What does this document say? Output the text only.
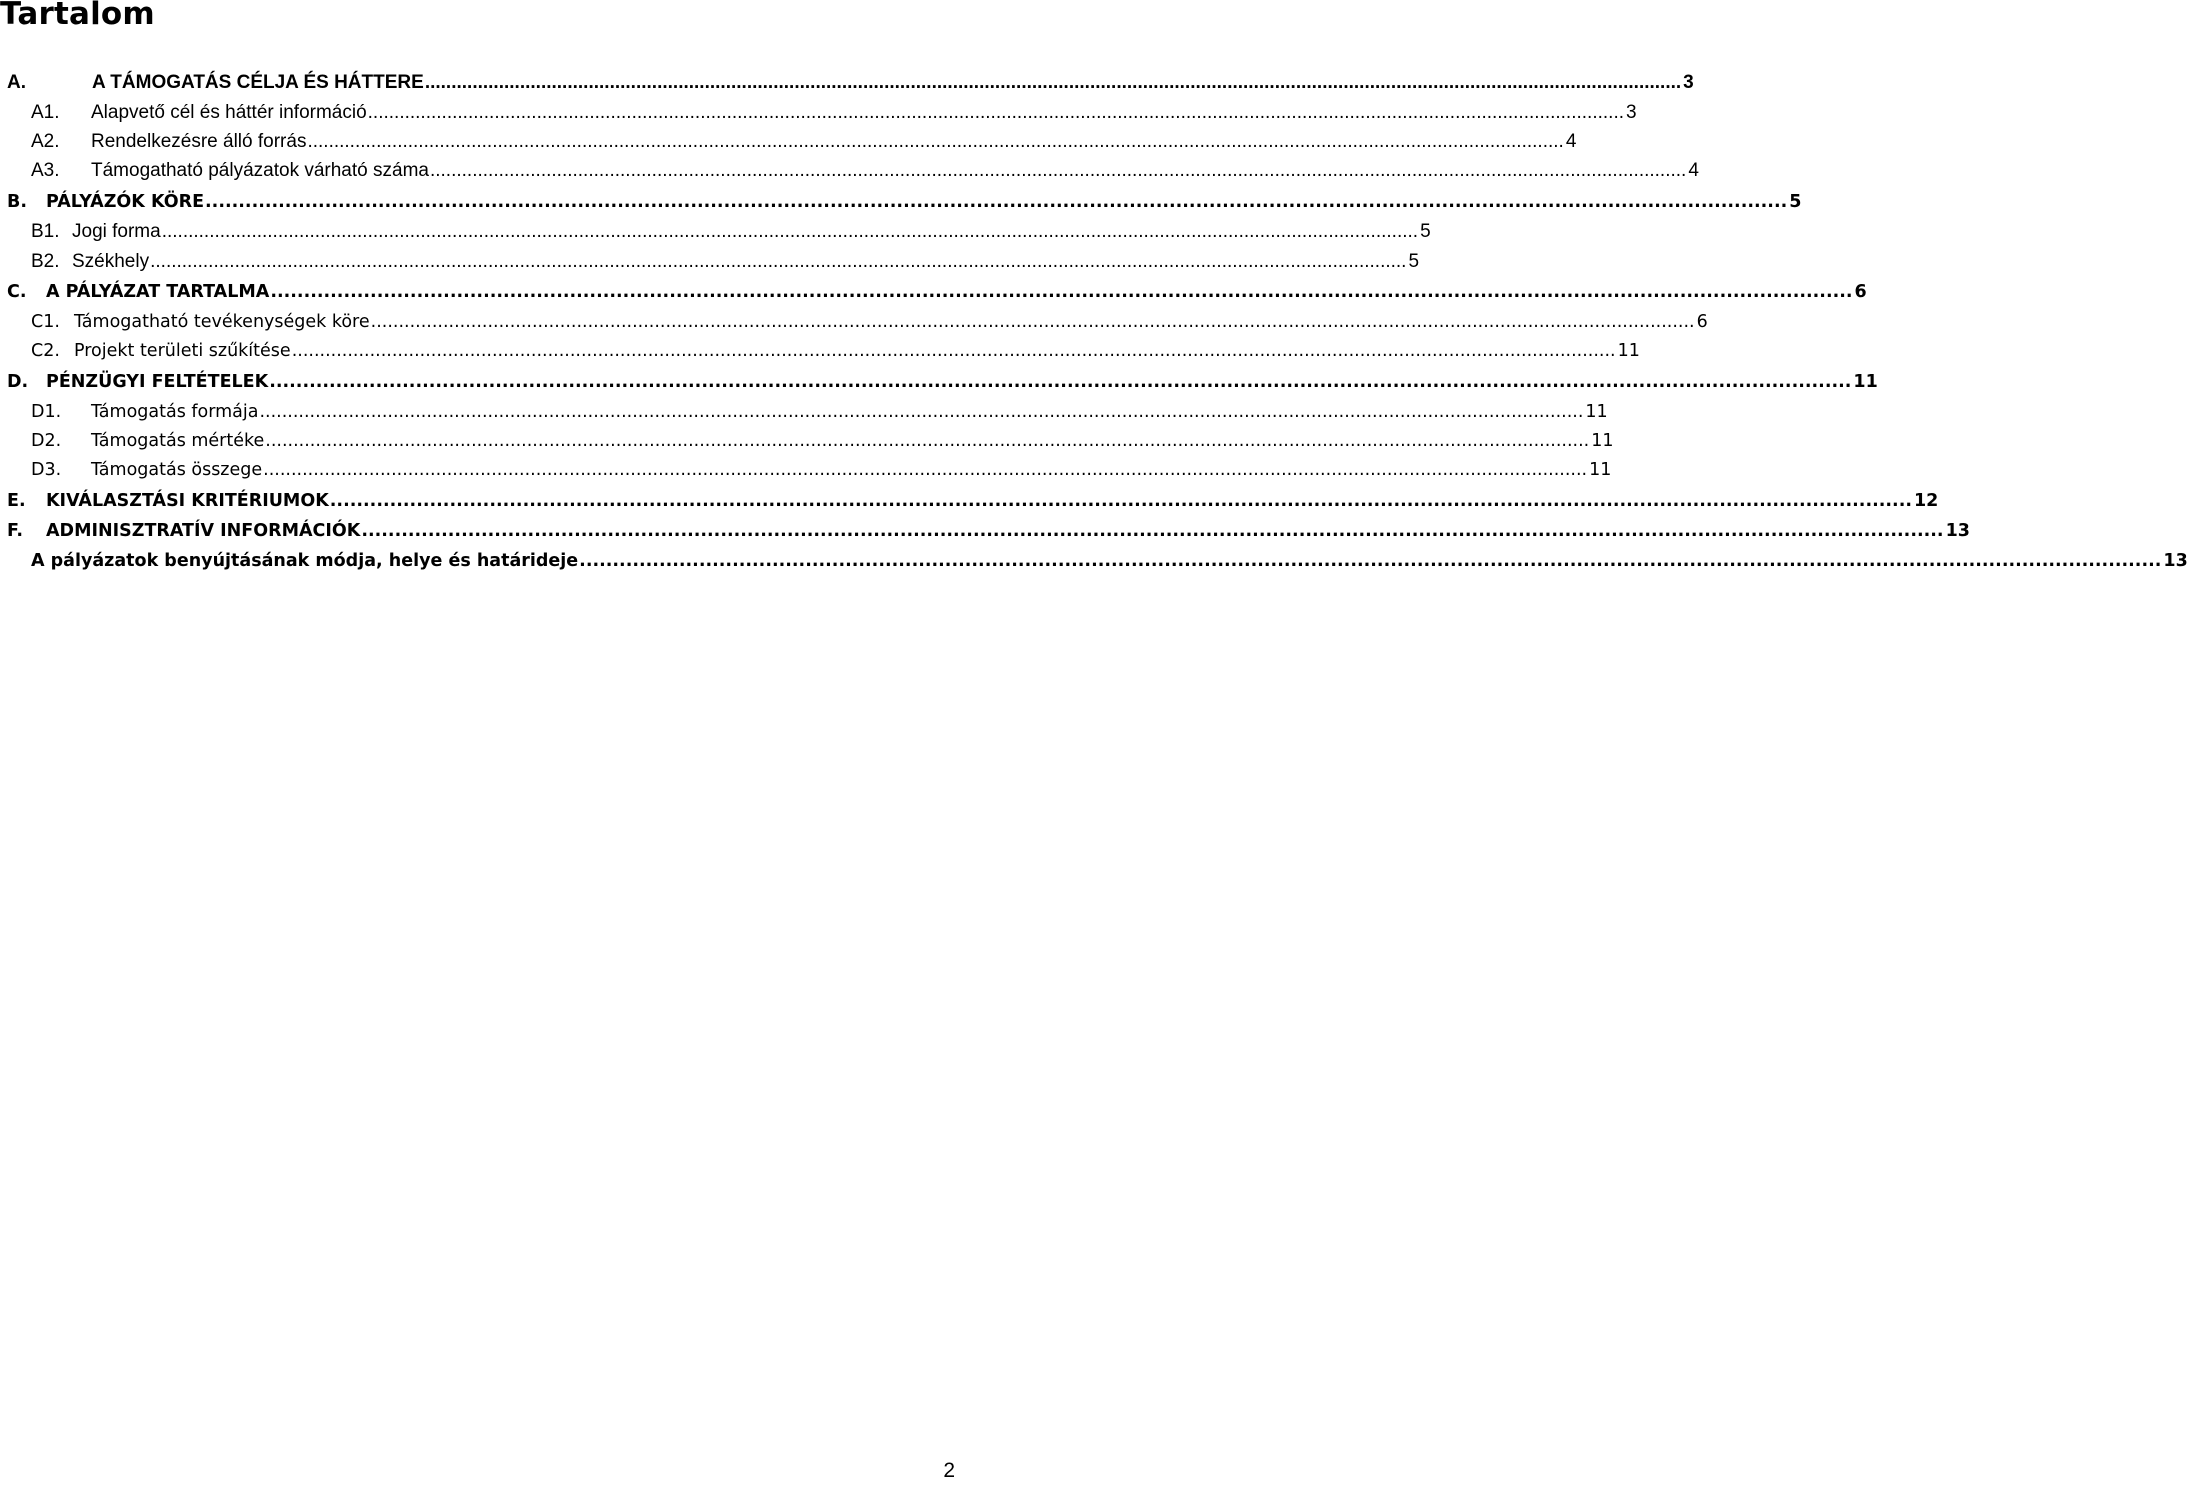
Tartalom
A.	A TÁMOGATÁS CÉLJA ÉS HÁTTERE .............................................................................................................................................................................................................................................. 3
A1.	Alapvető cél és háttér információ .............................................................................................................................................................................................................................................. 3
A2.	Rendelkezésre álló forrás .............................................................................................................................................................................................................................................. 4
A3.	Támogatható pályázatok várható száma .............................................................................................................................................................................................................................................. 4
B.	PÁLYÁZÓK KÖRE .............................................................................................................................................................................................................................................. 5
B1. Jogi forma .............................................................................................................................................................................................................................................. 5
B2. Székhely .............................................................................................................................................................................................................................................. 5
C.	A PÁLYÁZAT TARTALMA .............................................................................................................................................................................................................................................. 6
C1. Támogatható tevékenységek köre .............................................................................................................................................................................................................................................. 6
C2. Projekt területi szűkítése .............................................................................................................................................................................................................................................. 11
D.	PÉNZÜGYI FELTÉTELEK .............................................................................................................................................................................................................................................. 11
D1.	Támogatás formája .............................................................................................................................................................................................................................................. 11
D2.	Támogatás mértéke .............................................................................................................................................................................................................................................. 11
D3.	Támogatás összege .............................................................................................................................................................................................................................................. 11
E.	KIVÁLASZTÁSI KRITÉRIUMOK .............................................................................................................................................................................................................................................. 12
F.	ADMINISZTRATÍV INFORMÁCIÓK .............................................................................................................................................................................................................................................. 13
A pályázatok benyújtásának módja, helye és határideje .............................................................................................................................................................................................................................................. 13
2
